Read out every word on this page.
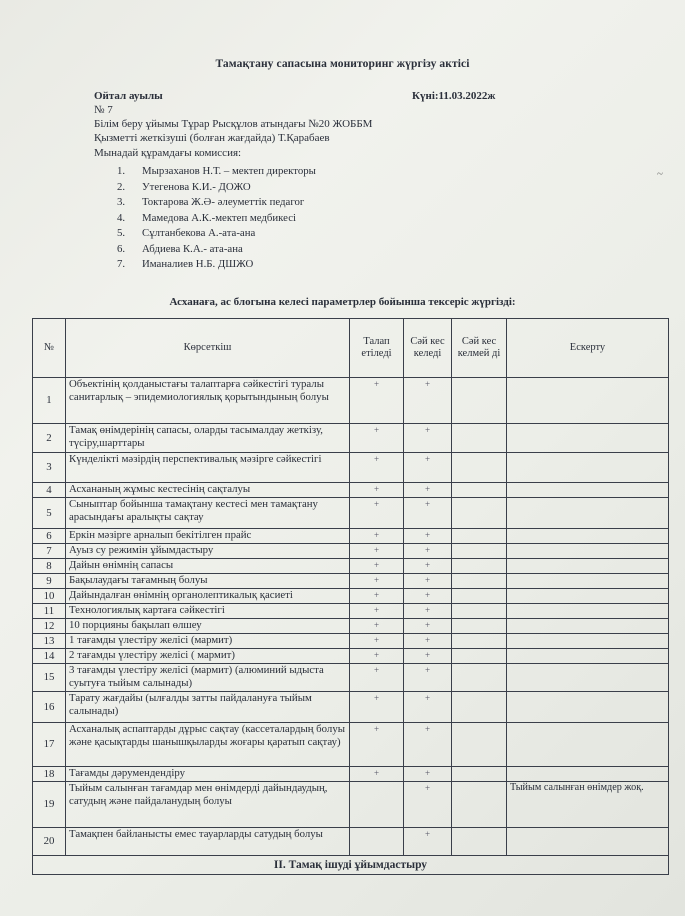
Тамақтану сапасына мониторинг жүргізу актісі
Ойтал ауылы	Күні:11.03.2022ж
№ 7
Білім беру ұйымы Тұрар Рысқұлов атындағы №20 ЖОББМ
Қызметті жеткізуші (болған жағдайда) Т.Қарабаев
Мынадай құрамдағы комиссия:
1. Мырзаханов Н.Т. – мектеп директоры
2. Утегенова К.И.- ДОЖО
3. Токтарова Ж.Ә- әлеуметтік педагог
4. Мамедова А.К.-мектеп медбикесі
5. Сұлтанбекова А.-ата-ана
6. Абдиева К.А.- ата-ана
7. Иманалиев Н.Б. ДШЖО
Асханаға, ас блогына келесі параметрлер бойынша тексеріс жүргізді:
№	Көрсеткіш	Талап етіледі	Сәй кес келеді	Сәй кес келмей ді	Ескерту
1	Объектінің қолданыстағы талаптарға сәйкестігі туралы санитарлық – эпидемиологиялық қорытындының болуы	+	+		
2	Тамақ өнімдерінің сапасы, оларды тасымалдау жеткізу, түсіру,шарттары	+	+		
3	Күнделікті мәзірдің перспективалық мәзірге сәйкестігі	+	+		
4	Асхананың жұмыс кестесінің сақталуы	+	+		
5	Сыныптар бойынша тамақтану кестесі мен тамақтану арасындағы аралықты сақтау	+	+		
6	Еркін мәзірге арналып бекітілген прайс	+	+		
7	Ауыз су режимін ұйымдастыру	+	+		
8	Дайын өнімнің сапасы	+	+		
9	Бақылаудағы тағамның болуы	+	+		
10	Дайындалған өнімнің органолептикалық қасиеті	+	+		
11	Технологиялық картаға сәйкестігі	+	+		
12	10 порцияны бақылап өлшеу	+	+		
13	1 тағамды үлестіру желісі (мармит)	+	+		
14	2 тағамды үлестіру желісі ( мармит)	+	+		
15	3 тағамды үлестіру желісі (мармит) (алюминий ыдыста суытуға тыйым салынады)	+	+		
16	Тарату жағдайы (ылғалды затты пайдалануға тыйым салынады)	+	+		
17	Асханалық аспаптарды дұрыс сақтау (кассеталардың болуы және қасықтарды шанышқыларды жоғары қаратып сақтау)	+	+		
18	Тағамды дәрумендендіру	+	+		
19	Тыйым салынған тағамдар мен өнімдерді дайындаудың, сатудың және пайдаланудың болуы		+		Тыйым салынған өнімдер жоқ.
20	Тамақпен байланысты емес тауарларды сатудың болуы		+		
II. Тамақ ішуді ұйымдастыру					
~
